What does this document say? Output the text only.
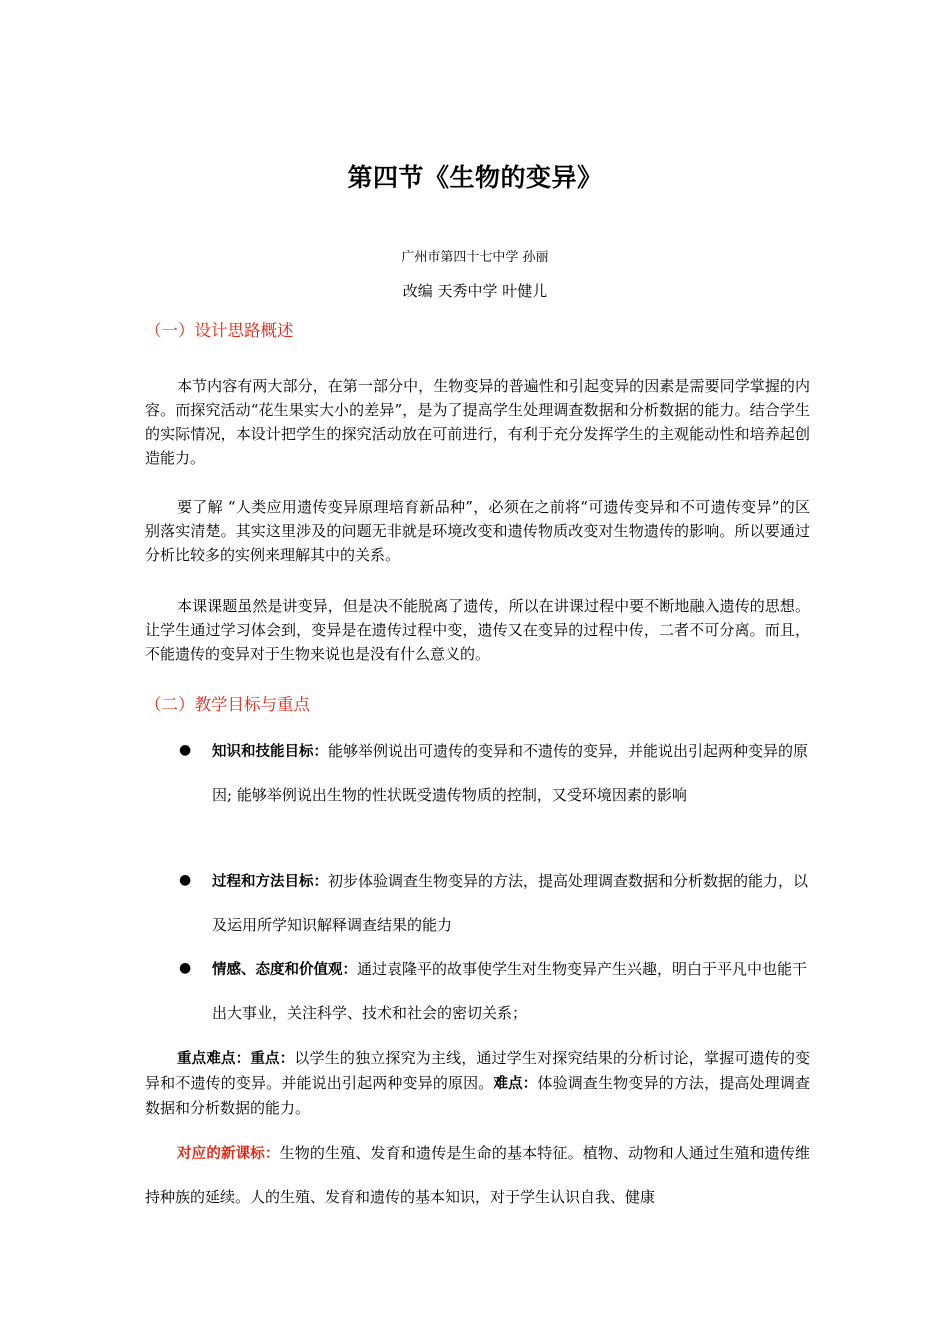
第四节《生物的变异》
广州市第四十七中学 孙丽
改编 天秀中学 叶健儿
（一）设计思路概述

本节内容有两大部分，在第一部分中，生物变异的普遍性和引起变异的因素是需要同学掌握的内容。而探究活动“花生果实大小的差异”，是为了提高学生处理调查数据和分析数据的能力。结合学生的实际情况，本设计把学生的探究活动放在可前进行，有利于充分发挥学生的主观能动性和培养起创造能力。

要了解 “人类应用遗传变异原理培育新品种”，必须在之前将“可遗传变异和不可遗传变异”的区别落实清楚。其实这里涉及的问题无非就是环境改变和遗传物质改变对生物遗传的影响。所以要通过分析比较多的实例来理解其中的关系。

本课课题虽然是讲变异，但是决不能脱离了遗传，所以在讲课过程中要不断地融入遗传的思想。让学生通过学习体会到，变异是在遗传过程中变，遗传又在变异的过程中传，二者不可分离。而且，不能遗传的变异对于生物来说也是没有什么意义的。

（二）教学目标与重点
● 知识和技能目标：能够举例说出可遗传的变异和不遗传的变异，并能说出引起两种变异的原因; 能够举例说出生物的性状既受遗传物质的控制，又受环境因素的影响

● 过程和方法目标：初步体验调查生物变异的方法，提高处理调查数据和分析数据的能力，以及运用所学知识解释调查结果的能力

● 情感、态度和价值观：通过袁隆平的故事使学生对生物变异产生兴趣，明白于平凡中也能干出大事业，关注科学、技术和社会的密切关系；

重点难点：重点：以学生的独立探究为主线，通过学生对探究结果的分析讨论，掌握可遗传的变异和不遗传的变异。并能说出引起两种变异的原因。难点：体验调查生物变异的方法，提高处理调查数据和分析数据的能力。

对应的新课标：生物的生殖、发育和遗传是生命的基本特征。植物、动物和人通过生殖和遗传维持种族的延续。人的生殖、发育和遗传的基本知识，对于学生认识自我、健康
